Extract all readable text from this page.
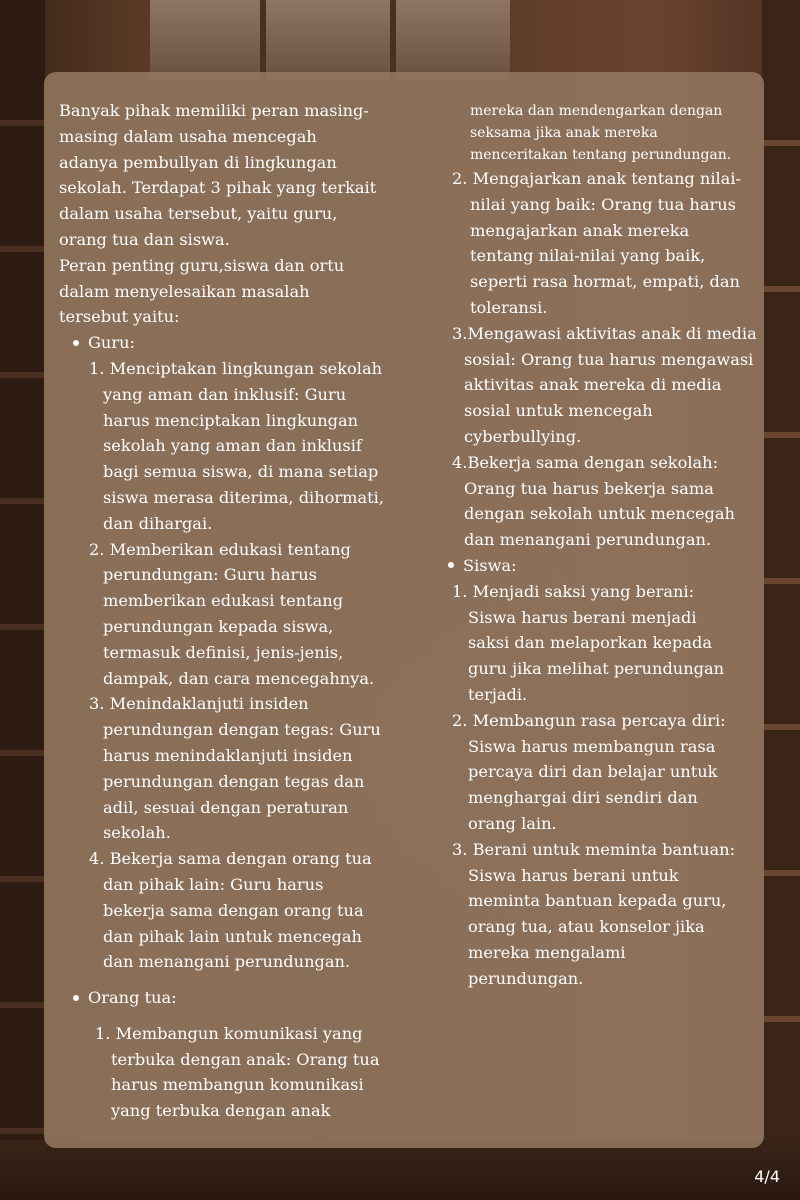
Banyak pihak memiliki peran masing-
masing dalam usaha mencegah
adanya pembullyan di lingkungan
sekolah. Terdapat 3 pihak yang terkait
dalam usaha tersebut, yaitu guru,
orang tua dan siswa.
Peran penting guru,siswa dan ortu
dalam menyelesaikan masalah
tersebut yaitu:
Guru:
1. Menciptakan lingkungan sekolah
yang aman dan inklusif: Guru
harus menciptakan lingkungan
sekolah yang aman dan inklusif
bagi semua siswa, di mana setiap
siswa merasa diterima, dihormati,
dan dihargai.
2. Memberikan edukasi tentang
perundungan: Guru harus
memberikan edukasi tentang
perundungan kepada siswa,
termasuk definisi, jenis-jenis,
dampak, dan cara mencegahnya.
3. Menindaklanjuti insiden
perundungan dengan tegas: Guru
harus menindaklanjuti insiden
perundungan dengan tegas dan
adil, sesuai dengan peraturan
sekolah.
4. Bekerja sama dengan orang tua
dan pihak lain: Guru harus
bekerja sama dengan orang tua
dan pihak lain untuk mencegah
dan menangani perundungan.
Orang tua:
1. Membangun komunikasi yang
terbuka dengan anak: Orang tua
harus membangun komunikasi
yang terbuka dengan anak
mereka dan mendengarkan dengan
seksama jika anak mereka
menceritakan tentang perundungan.
2. Mengajarkan anak tentang nilai-
nilai yang baik: Orang tua harus
mengajarkan anak mereka
tentang nilai-nilai yang baik,
seperti rasa hormat, empati, dan
toleransi.
3.Mengawasi aktivitas anak di media
sosial: Orang tua harus mengawasi
aktivitas anak mereka di media
sosial untuk mencegah
cyberbullying.
4.Bekerja sama dengan sekolah:
Orang tua harus bekerja sama
dengan sekolah untuk mencegah
dan menangani perundungan.
Siswa:
1. Menjadi saksi yang berani:
Siswa harus berani menjadi
saksi dan melaporkan kepada
guru jika melihat perundungan
terjadi.
2. Membangun rasa percaya diri:
Siswa harus membangun rasa
percaya diri dan belajar untuk
menghargai diri sendiri dan
orang lain.
3. Berani untuk meminta bantuan:
Siswa harus berani untuk
meminta bantuan kepada guru,
orang tua, atau konselor jika
mereka mengalami
perundungan.
4/4
